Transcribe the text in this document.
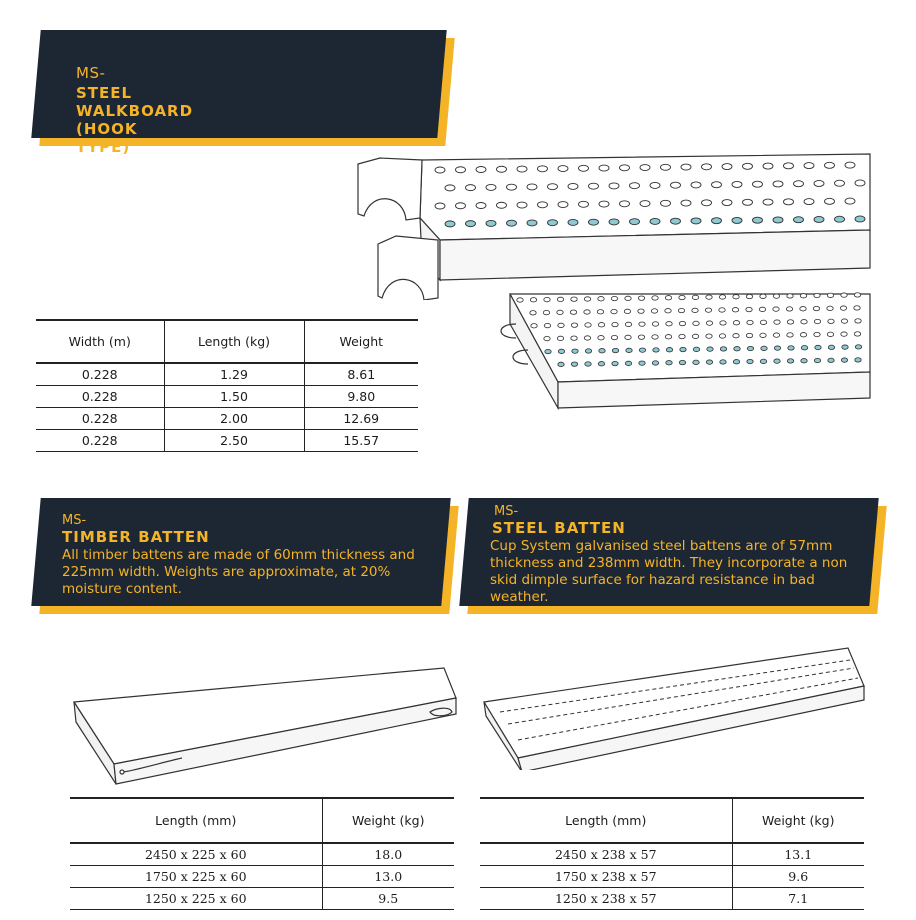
MS-
STEEL WALKBOARD (HOOK TYPE)
Width (m)	Length (kg)	Weight
0.228	1.29	8.61
0.228	1.50	9.80
0.228	2.00	12.69
0.228	2.50	15.57
MS-
TIMBER BATTEN
All timber battens are made of 60mm thickness and 225mm width. Weights are approximate, at 20% moisture content.
MS-
STEEL BATTEN
Cup System galvanised steel battens are of 57mm thickness and 238mm width. They incorporate a non skid dimple surface for hazard resistance in bad weather.
Length (mm)	Weight (kg)
2450 x 225 x 60	18.0
1750 x 225 x 60	13.0
1250 x 225 x 60	9.5
Length (mm)	Weight (kg)
2450 x 238 x 57	13.1
1750 x 238 x 57	9.6
1250 x 238 x 57	7.1
